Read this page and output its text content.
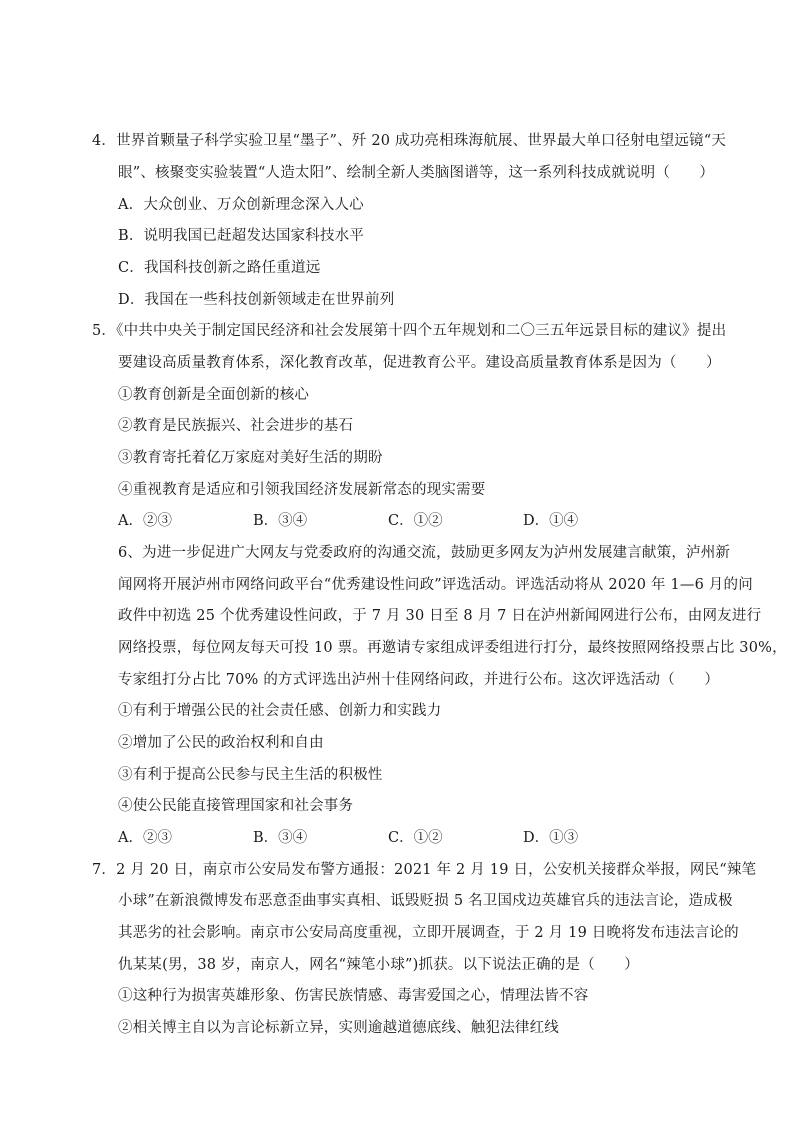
4．世界首颗量子科学实验卫星“墨子”、歼 20 成功亮相珠海航展、世界最大单口径射电望远镜“天
眼”、核聚变实验装置“人造太阳”、绘制全新人类脑图谱等，这一系列科技成就说明（　　）
A．大众创业、万众创新理念深入人心
B．说明我国已赶超发达国家科技水平
C．我国科技创新之路任重道远
D．我国在一些科技创新领域走在世界前列
5．《中共中央关于制定国民经济和社会发展第十四个五年规划和二〇三五年远景目标的建议》提出
要建设高质量教育体系，深化教育改革，促进教育公平。建设高质量教育体系是因为（　　）
①教育创新是全面创新的核心
②教育是民族振兴、社会进步的基石
③教育寄托着亿万家庭对美好生活的期盼
④重视教育是适应和引领我国经济发展新常态的现实需要
A．②③	B．③④	C．①②	D．①④
6、为进一步促进广大网友与党委政府的沟通交流，鼓励更多网友为泸州发展建言献策，泸州新
闻网将开展泸州市网络问政平台“优秀建设性问政”评选活动。评选活动将从 2020 年 1—6 月的问
政件中初选 25 个优秀建设性问政，于 7 月 30 日至 8 月 7 日在泸州新闻网进行公布，由网友进行
网络投票，每位网友每天可投 10 票。再邀请专家组成评委组进行打分，最终按照网络投票占比 30%，
专家组打分占比 70% 的方式评选出泸州十佳网络问政，并进行公布。这次评选活动（　　）
①有利于增强公民的社会责任感、创新力和实践力
②增加了公民的政治权利和自由
③有利于提高公民参与民主生活的积极性
④使公民能直接管理国家和社会事务
A．②③	B．③④	C．①②	D．①③
7．2 月 20 日，南京市公安局发布警方通报：2021 年 2 月 19 日，公安机关接群众举报，网民“辣笔
小球”在新浪微博发布恶意歪曲事实真相、诋毁贬损 5 名卫国戍边英雄官兵的违法言论，造成极
其恶劣的社会影响。南京市公安局高度重视，立即开展调查，于 2 月 19 日晚将发布违法言论的
仇某某(男，38 岁，南京人，网名“辣笔小球”)抓获。以下说法正确的是（　　）
①这种行为损害英雄形象、伤害民族情感、毒害爱国之心，情理法皆不容
②相关博主自以为言论标新立异，实则逾越道德底线、触犯法律红线
